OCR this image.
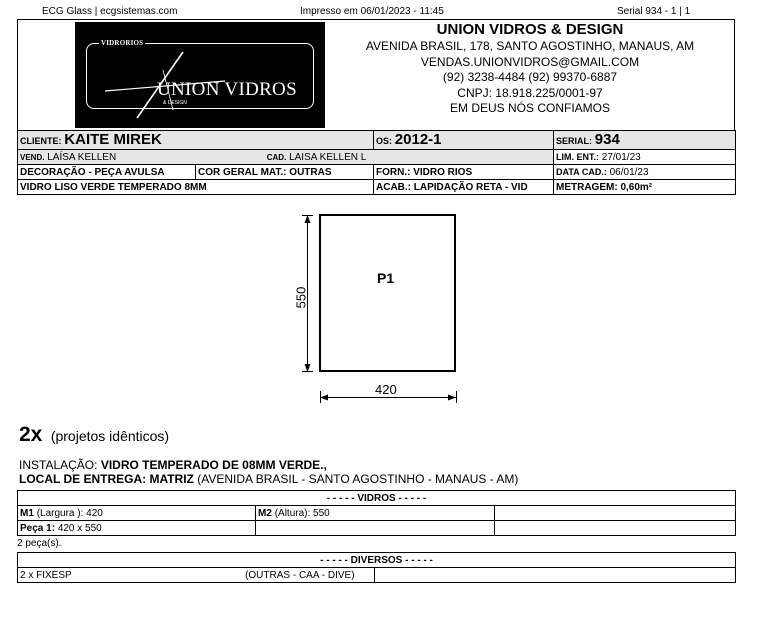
ECG Glass | ecgsistemas.com	Impresso em 06/01/2023 - 11:45	Serial 934 - 1 | 1
VIDRORIOS
UNION VIDROS
& DESIGN
UNION VIDROS & DESIGN
AVENIDA BRASIL, 178, SANTO AGOSTINHO, MANAUS, AM
VENDAS.UNIONVIDROS@GMAIL.COM
(92) 3238-4484 (92) 99370-6887
CNPJ: 18.918.225/0001-97
EM DEUS NÓS CONFIAMOS
CLIENTE: KAITE MIREK		OS: 2012-1	SERIAL: 934
VEND. LAÍSA KELLEN CAD. LAISA KELLEN L			LIM. ENT.: 27/01/23
DECORAÇÃO - PEÇA AVULSA	COR GERAL MAT.: OUTRAS	FORN.: VIDRO RIOS	DATA CAD.: 06/01/23
VIDRO LISO VERDE TEMPERADO 8MM		ACAB.: LAPIDAÇÃO RETA - VID	METRAGEM: 0,60m²
P1
550
420
2x (projetos idênticos)
INSTALAÇÃO: VIDRO TEMPERADO DE 08MM VERDE.,
LOCAL DE ENTREGA: MATRIZ (AVENIDA BRASIL - SANTO AGOSTINHO - MANAUS - AM)
- - - - - VIDROS - - - - -		
M1 (Largura ): 420	M2 (Altura): 550	
Peça 1: 420 x 550		
2 peça(s).
- - - - - DIVERSOS - - - - -
2 x FIXESP	(OUTRAS - CAA - DIVE)	
